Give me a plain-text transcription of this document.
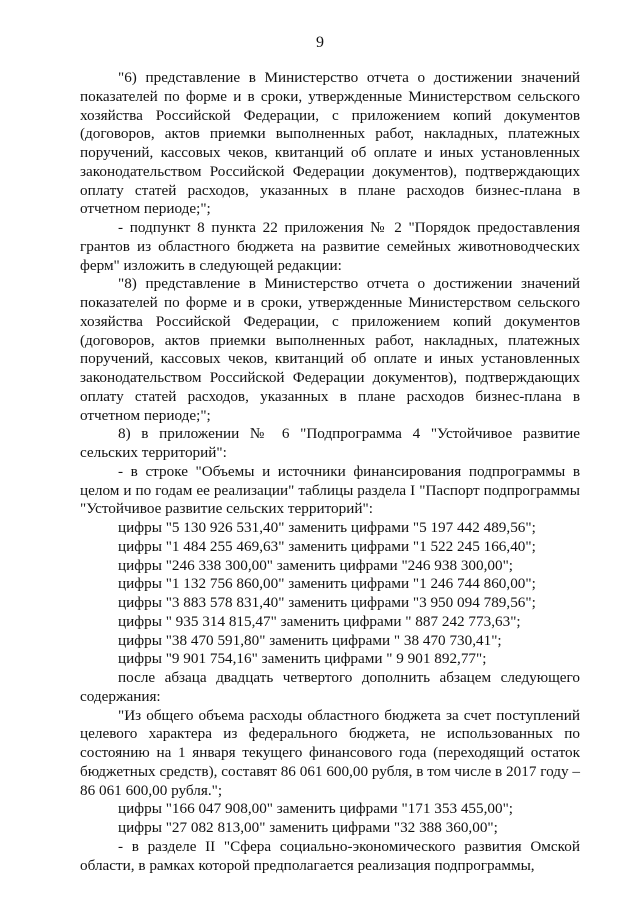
9

"6) представление в Министерство отчета о достижении значений показателей по форме и в сроки, утвержденные Министерством сельского хозяйства Российской Федерации, с приложением копий документов (договоров, актов приемки выполненных работ, накладных, платежных поручений, кассовых чеков, квитанций об оплате и иных установленных законодательством Российской Федерации документов), подтверждающих оплату статей расходов, указанных в плане расходов бизнес-плана в отчетном периоде;";

- подпункт 8 пункта 22 приложения № 2 "Порядок предоставления грантов из областного бюджета на развитие семейных животноводческих ферм" изложить в следующей редакции:

"8) представление в Министерство отчета о достижении значений показателей по форме и в сроки, утвержденные Министерством сельского хозяйства Российской Федерации, с приложением копий документов (договоров, актов приемки выполненных работ, накладных, платежных поручений, кассовых чеков, квитанций об оплате и иных установленных законодательством Российской Федерации документов), подтверждающих оплату статей расходов, указанных в плане расходов бизнес-плана в отчетном периоде;";

8) в приложении № 6 "Подпрограмма 4 "Устойчивое развитие сельских территорий":

- в строке "Объемы и источники финансирования подпрограммы в целом и по годам ее реализации" таблицы раздела I "Паспорт подпрограммы "Устойчивое развитие сельских территорий":

цифры "5 130 926 531,40" заменить цифрами "5 197 442 489,56";

цифры "1 484 255 469,63" заменить цифрами "1 522 245 166,40";

цифры "246 338 300,00" заменить цифрами "246 938 300,00";

цифры "1 132 756 860,00" заменить цифрами "1 246 744 860,00";

цифры "3 883 578 831,40" заменить цифрами "3 950 094 789,56";

цифры " 935 314 815,47" заменить цифрами " 887 242 773,63";

цифры "38 470 591,80" заменить цифрами " 38 470 730,41";

цифры "9 901 754,16" заменить цифрами " 9 901 892,77";

после абзаца двадцать четвертого дополнить абзацем следующего содержания:

"Из общего объема расходы областного бюджета за счет поступлений целевого характера из федерального бюджета, не использованных по состоянию на 1 января текущего финансового года (переходящий остаток бюджетных средств), составят 86 061 600,00 рубля, в том числе в 2017 году – 86 061 600,00 рубля.";

цифры "166 047 908,00" заменить цифрами "171 353 455,00";

цифры "27 082 813,00" заменить цифрами "32 388 360,00";

- в разделе II "Сфера социально-экономического развития Омской области, в рамках которой предполагается реализация подпрограммы,
